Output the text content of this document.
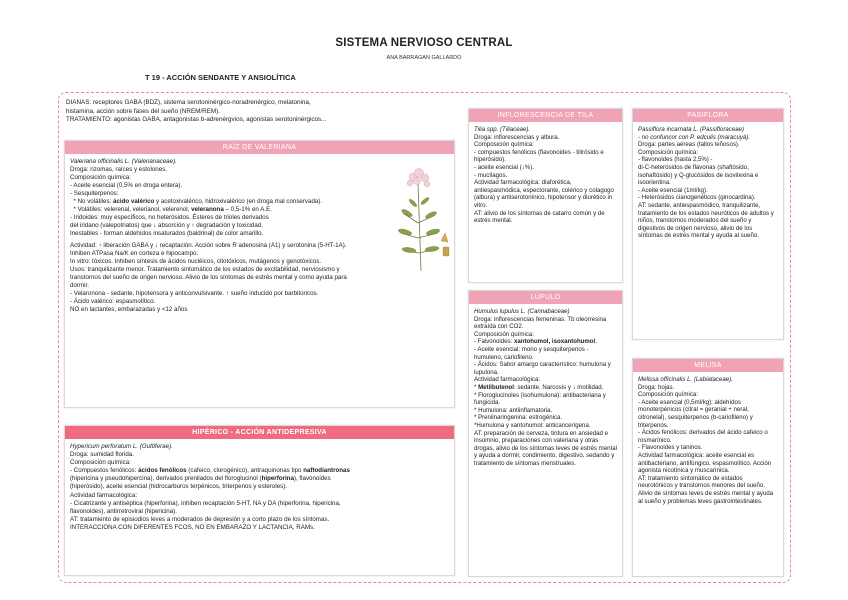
SISTEMA NERVIOSO CENTRAL
ANA BARRAGAN GALLARDO
T 19 - ACCIÓN SENDANTE Y ANSIOLÍTICA

DIANAS: receptores GABA (BDZ), sistema serotoninérgico-noradrenérgico, melatonina,

histamina, acción sobre fases del sueño (NREM/REM).

TRATAMIENTO: agonistas GABA, antagonistas b-adrenérgvios, agonistas serotoninérgicos...

RAÍZ DE VALERIANA
Valeriana officinalis L. (Valerianaceae).
Droga: rizomas, raíces y estolones.
Composición química:
- Aceite esencial (0,5% en droga entera).
- Sesquiterpenos:
* No volátiles: ácido valérico y acetoxivalérico, hidroxivalérico (en droga mal conservada).
* Volátiles: velerenal, velerianol, velerenol, veleranona – 0,5-1% en A.E.
- Iridoides: muy específicos, no heterósidos. Ésteres de trioles derivados
del iridano (valepotriatos) que ↓ absorción y ↑ degradación y toxicidad.
Inestables - forman aldehídos insaturados (baldrinal) de color amarillo.
Actividad: ↑ liberación GABA y ↓ recaptación. Acción sobre R adenosina (A1) y serotonina (5-HT-1A).
Inhiben ATPasa Na/K en corteza e hipocampo.
In vitro: tóxicos. Inhiben síntesis de ácidos nucléicos, citotóxicos, mutágenos y genotóxicos.
Usos: tranquilizante menor. Tratamiento sintomático de los estados de excitabilidad, nerviosismo y
transtornos del sueño de origen nervioso. Alivio de los síntomas de estrés mental y como ayuda para
dormir.
- Velaronona - sedante, hipotensora y anticonvulsivante. ↑ sueño inducido por barbitúricos.
- Ácido valérico: espasmolítico.
NO en lactantes, embarazadas y <12 años
HIPÉRICO - ACCIÓN ANTIDEPRESIVA
Hypericum perforatum L. (Guttiferae).
Droga: sumidad florida.
Composición química:
- Compuestos fenólicos: ácidos fenólicos (cafeico, clorogénico), antraquinonas tipo naftodiantronas
(hipericina y pseudohipercina), derivados prenilados del floroglucinol (hiperforina), flavonoides
(hiperósido), aceite esencial (hidrocarburos terpénicos, triterpenos y esteroles).
Actividad farmacológica:
- Cicatrizante y antiséptica (hiperforina), inhiben recaptación 5-HT, NA y DA (hiperforina, hipericina,
flavonoides), antirretroviral (hipericina).
AT: tratamiento de episiodios leves a moderados de depresión y a corto plazo de los síntomas.
INTERACCIONA CON DIFERENTES FCOS, NO EN EMBARAZO Y LACTANCIA, RAMs.
INFLORESCENCIA DE TILA
Tilia spp. (Tiliaceae).
Droga: inflorescencias y albura.
Composición química:
- compuestos fenólicos (flavonoides - tilirósido e hiperósido).
- aceite esencial (↓%).
- mucílagos.
Actividad farmacológica: diaforética, antiespasmódica, espectorante, colérico y colagogo (albura) y antiserotonínico, hipotensor y diurético in vitro.
AT: alivio de los síntomas de catarro común y de estrés mental.
LÚPULO
Humulus lupulus L. (Cannabaceae)
Droga: inflorescencias femeninas. Tb oleorresina extraída con CO2.
Composición química:
- Falvonoides: xantohumol, isoxantohumol.
- Aceite esencial: mono y sesquiterpenos - humuleno, cariofileno.
- Ácidos: Sabor amargo característico: humulona y lupulona.
Actividad farmacológica:
* Metilbutenol: sedante. Narcosis y ↓ motilidad.
* Floroglucinoles (isohumulona): antibacteriana y fungicida.
* Humulona: antiinflamatoria.
* Prenilnaringenina: estrogénica.
*Humulona y xantohumol: anticancerígena.
AT: preparación de cerveza, tintura en ansiedad e insomnio, preparaciones con valeriana y otras drogas, alivio de los síntomas leves de estrés mental y ayuda a dormir, condimiento, digestivo, sedando y tratamiento de síntomas menstruales.
PASIFLORA
Passiflora incarnata L. (Passifloraceae)
- no confuncor con P. edculis (maracuyá).
Droga: partes aéreas (tallos leñosos).
Composición química:
- flavonoides (hasta 2,5%) -
di-C-heterósidos de flavonas (shaftósido, isohaftósido) y Q-glucósidos de isovitexina e isoorientina.
- Aceite esencial (1ml/kg).
- Heterósidos cianogenéticos (ginocardina).
AT: sedante, antiespasmódico, tranquilizante, tratamiento de los estados neuróticos de adultos y niños, transtornos moderados del sueño y digestivos de origen nervioso, alivio de los síntomas de estrés mental y ayuda al sueño.
MELISA
Melissa officinalis L. (Labiataceae).
Droga: hojas.
Composición química:
- Aceite esencial (0,5ml/kg): aldehídos monoterpénicos (citral = geranial + neral, citronelal), sesquiterpenos (b-cariofileno) y triterpenos.
- Ácidos fenólicos: derivados del ácido cafeico o rosmarínico.
- Flavonoides y taninos.
Actividad farmacológica: aceite esencial es antibacteriano, antifúngico, espasmolítico. Acción agonista nicotínica y muscarínica.
AT: tratamiento sintomático de estados neurotónicos y transtornos menores del sueño. Alivio de síntomas leves de estrés mental y ayuda al sueño y problemas leves gastrointestinales.
